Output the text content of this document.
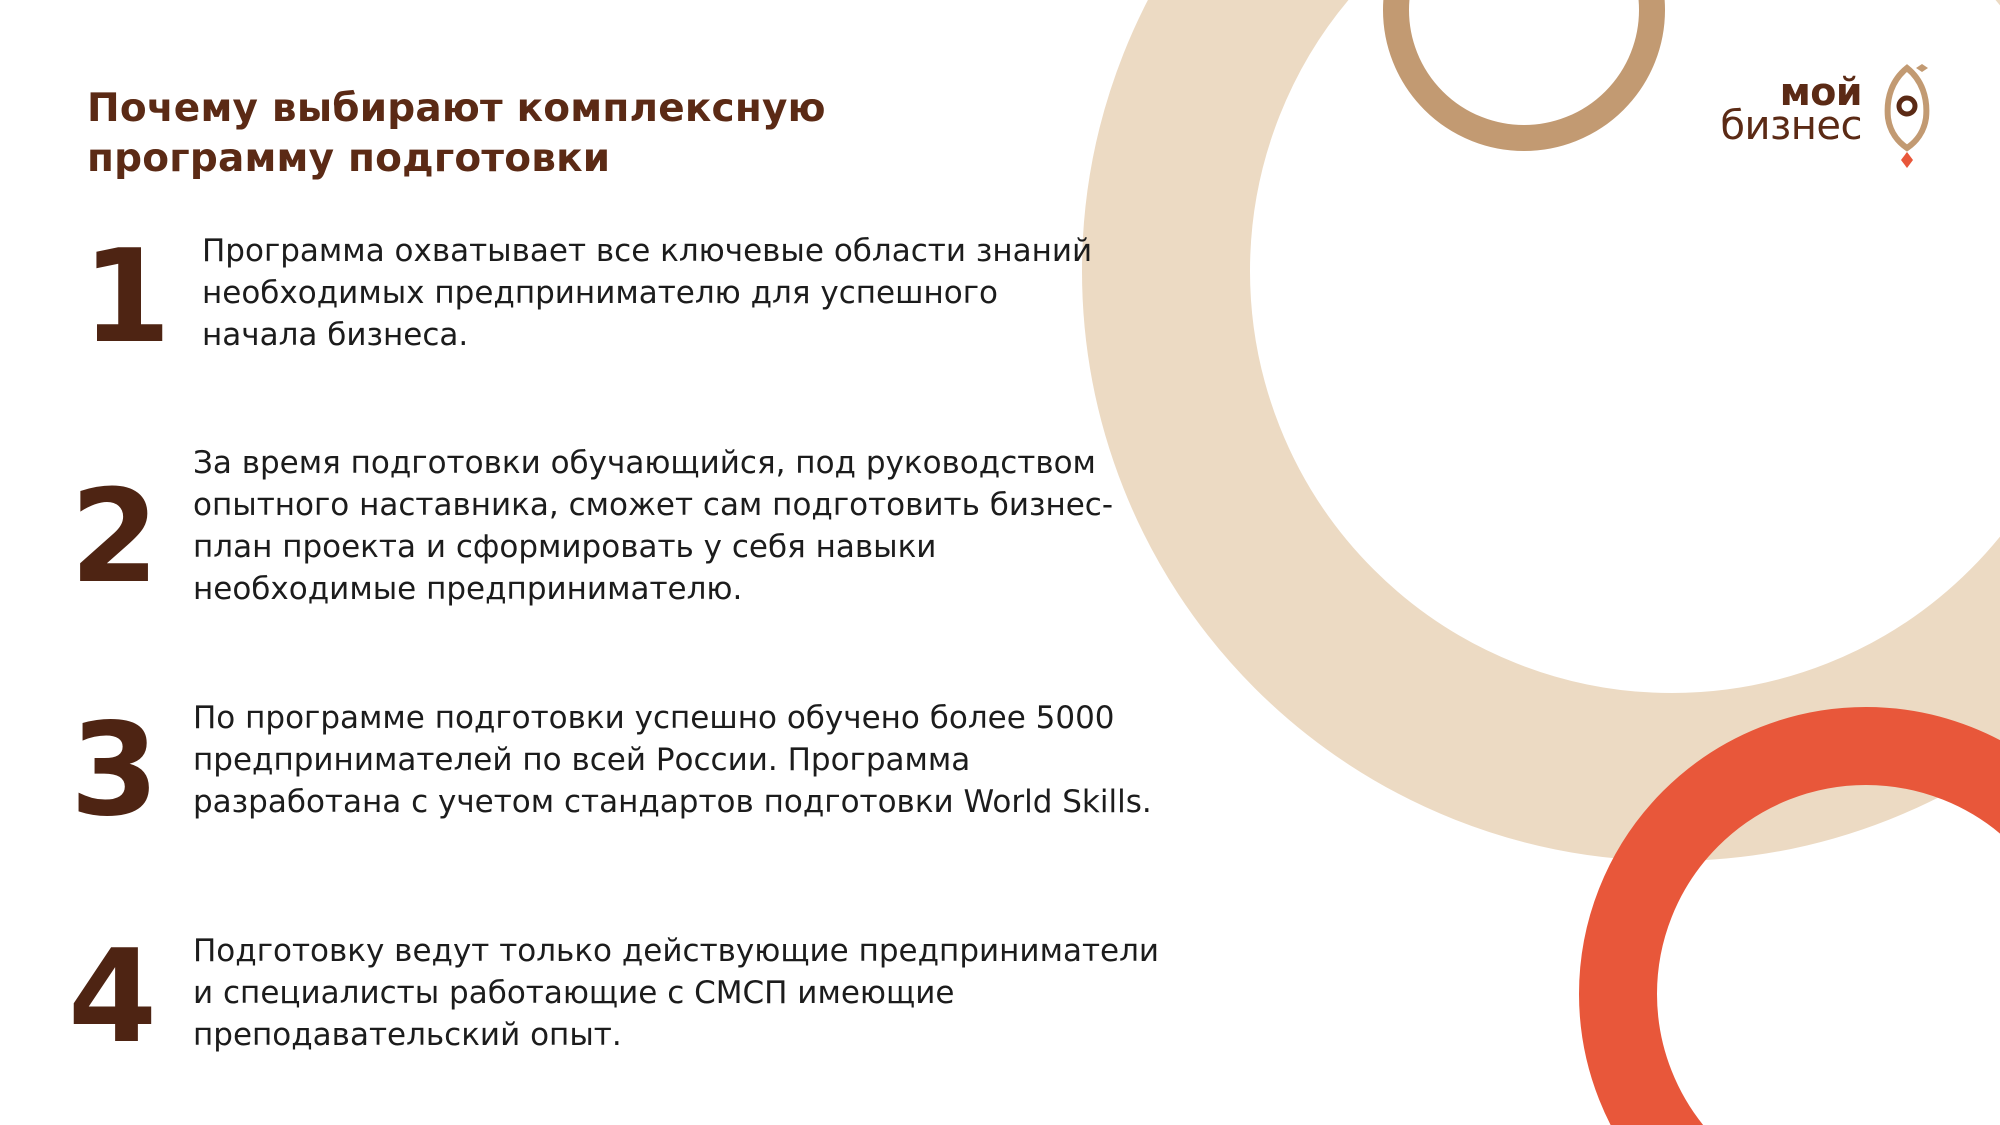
Почему выбирают комплексную
программу подготовки
1 Программа охватывает все ключевые области знаний
необходимых предпринимателю для успешного
начала бизнеса.
2 За время подготовки обучающийся, под руководством
опытного наставника, сможет сам подготовить бизнес-
план проекта и сформировать у себя навыки
необходимые предпринимателю.
3 По программе подготовки успешно обучено более 5000
предпринимателей по всей России. Программа
разработана с учетом стандартов подготовки World Skills.
4 Подготовку ведут только действующие предприниматели
и специалисты работающие с СМСП имеющие
преподавательский опыт.
мой
бизнес
